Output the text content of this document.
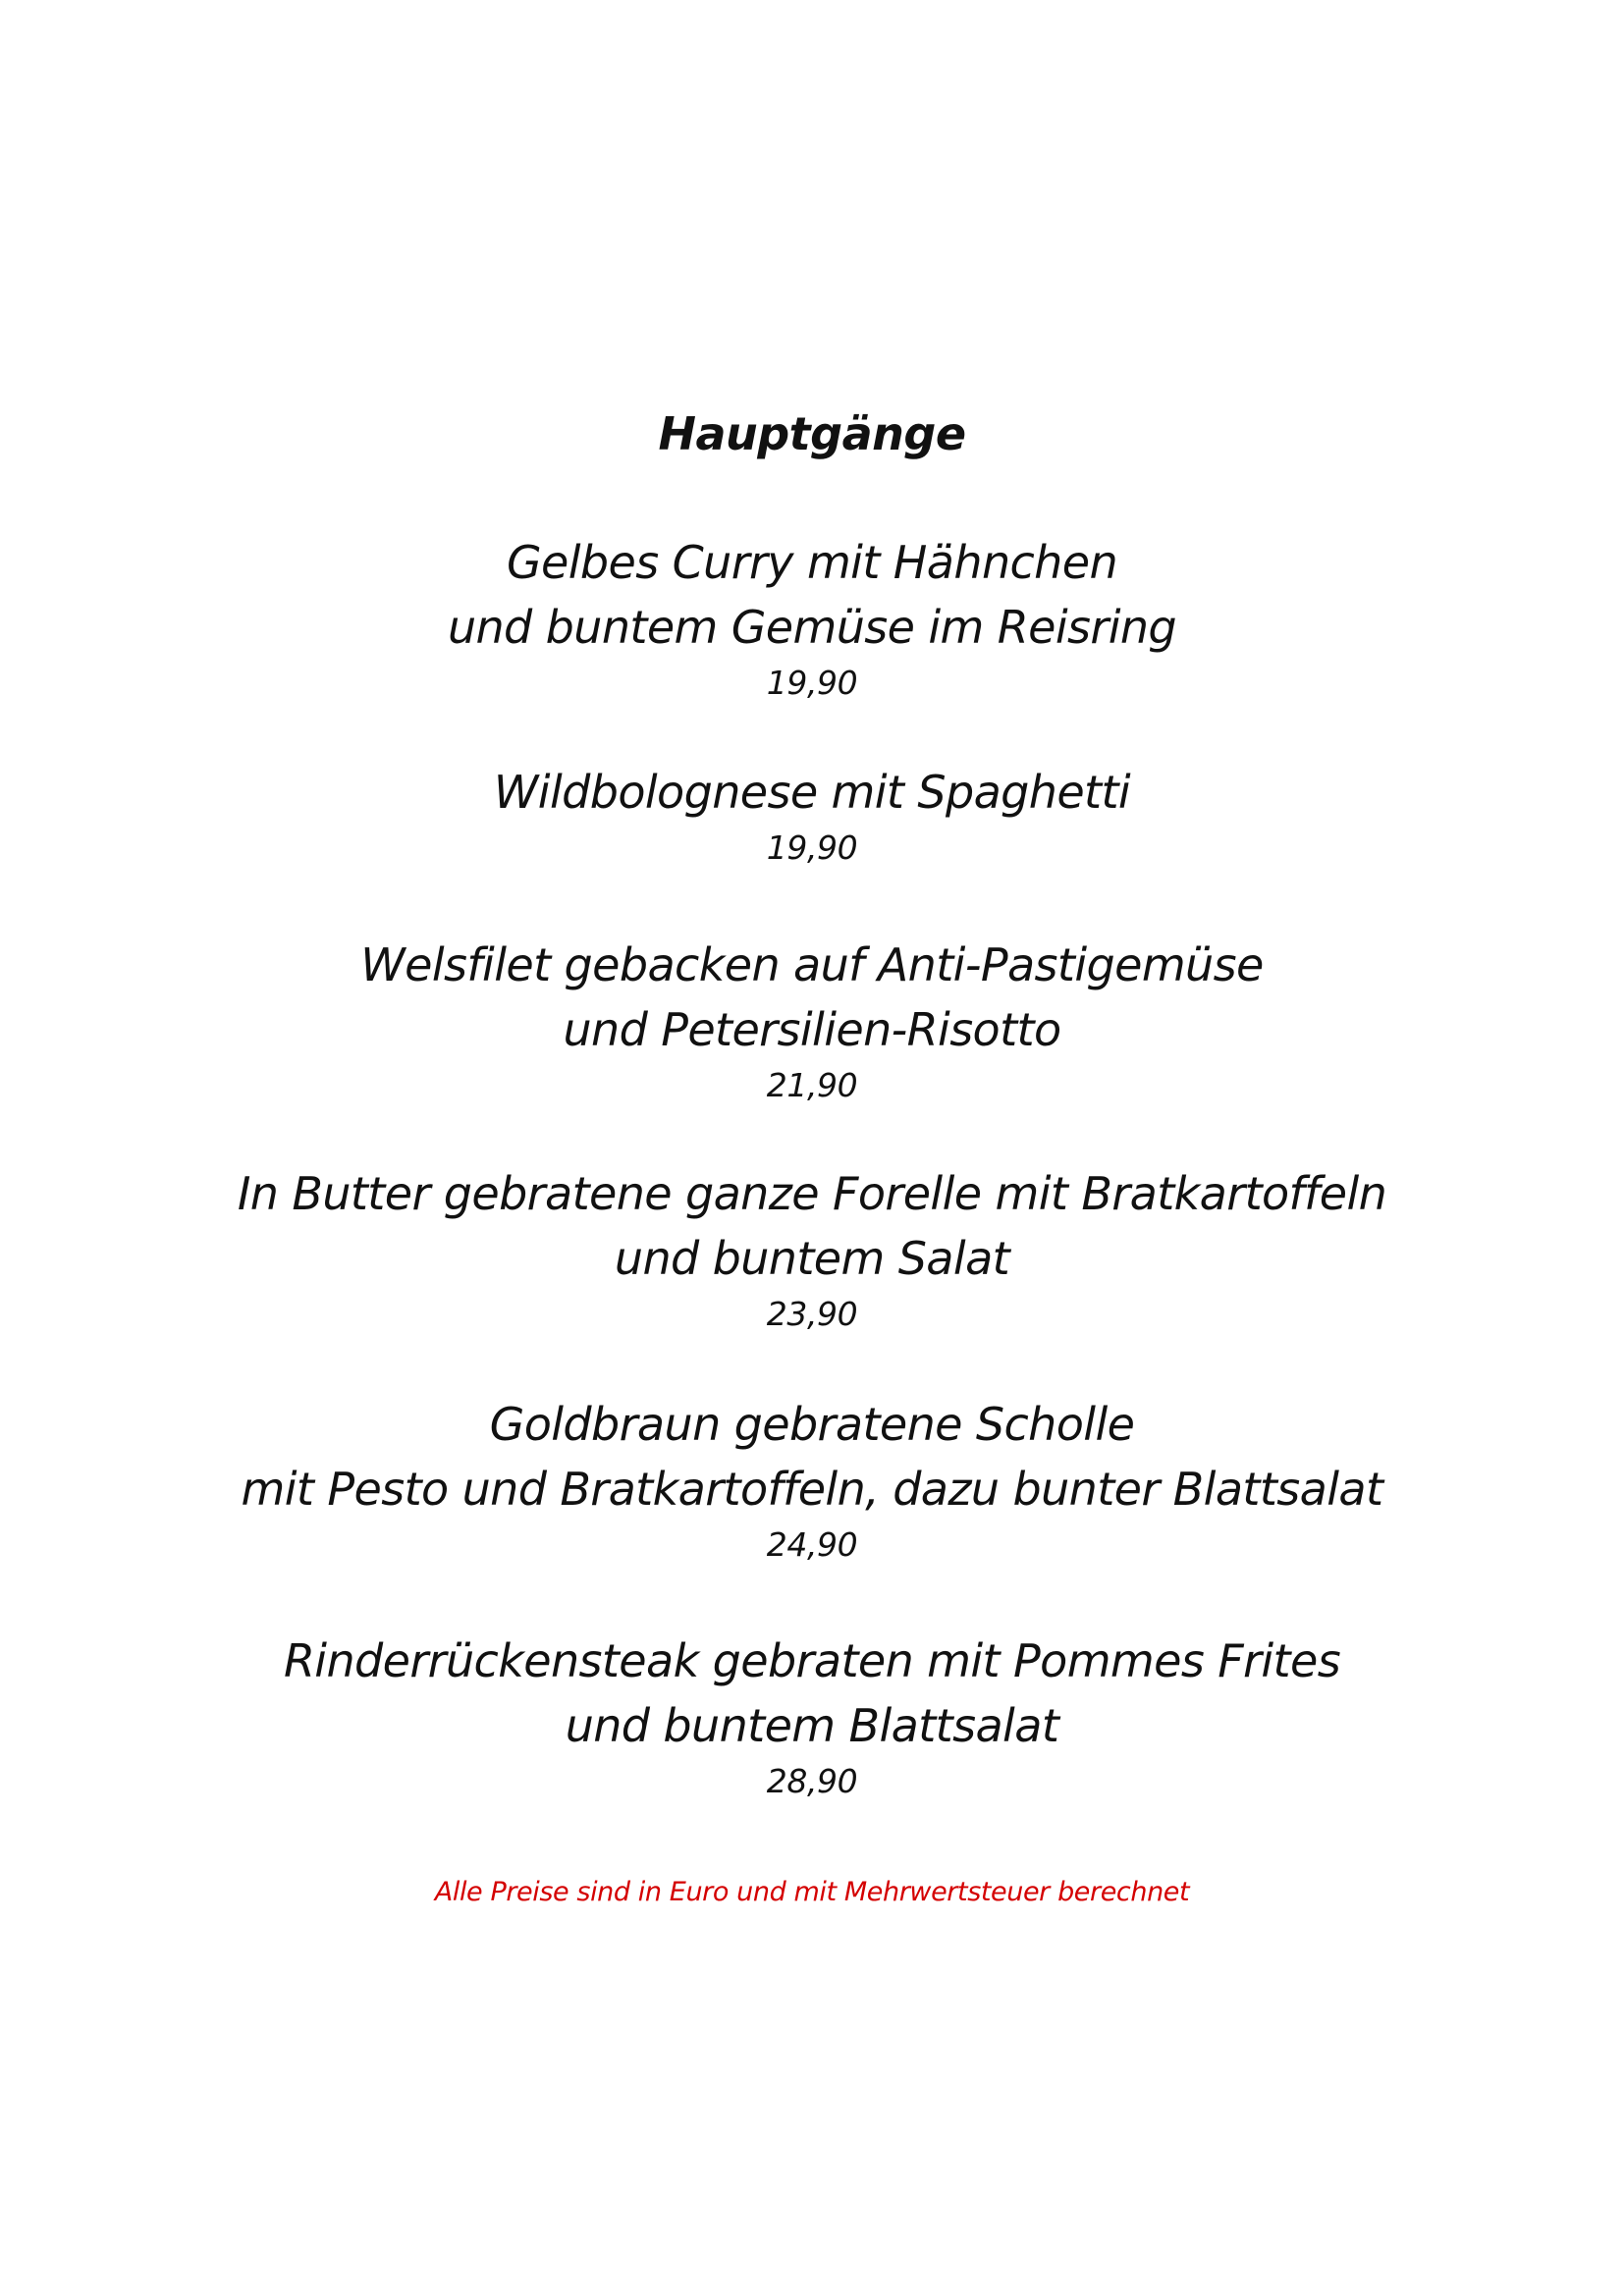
Hauptgänge
Gelbes Curry mit Hähnchen
und buntem Gemüse im Reisring
19,90
Wildbolognese mit Spaghetti
19,90
Welsfilet gebacken auf Anti-Pastigemüse
und Petersilien-Risotto
21,90
In Butter gebratene ganze Forelle mit Bratkartoffeln
und buntem Salat
23,90
Goldbraun gebratene Scholle
mit Pesto und Bratkartoffeln, dazu bunter Blattsalat
24,90
Rinderrückensteak gebraten mit Pommes Frites
und buntem Blattsalat
28,90
Alle Preise sind in Euro und mit Mehrwertsteuer berechnet
